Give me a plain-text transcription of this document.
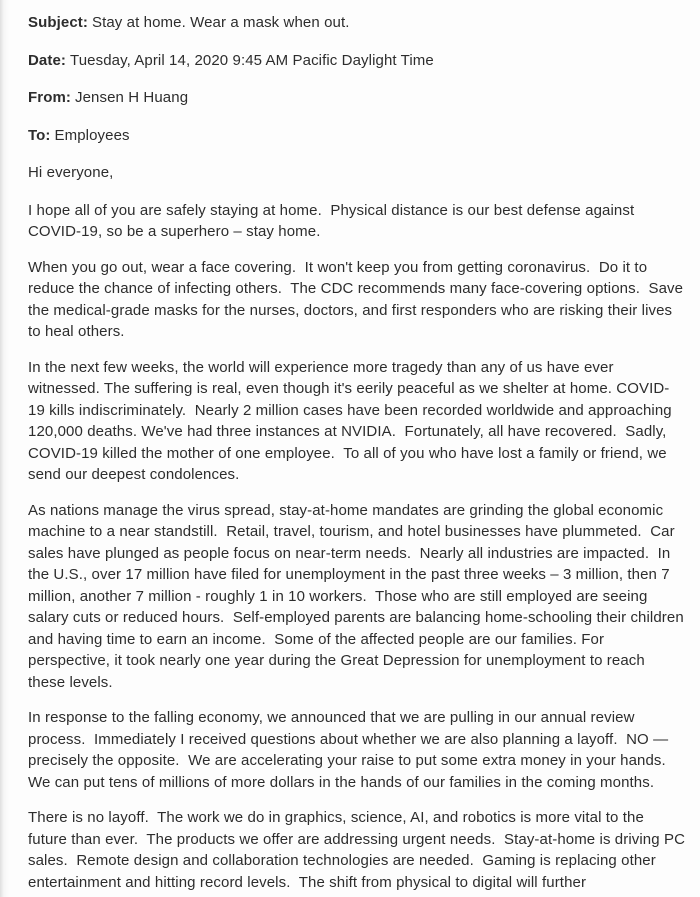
Subject: Stay at home. Wear a mask when out.

Date: Tuesday, April 14, 2020 9:45 AM Pacific Daylight Time

From: Jensen H Huang

To: Employees

Hi everyone,

I hope all of you are safely staying at home.  Physical distance is our best defense against COVID-19, so be a superhero – stay home.

When you go out, wear a face covering.  It won't keep you from getting coronavirus.  Do it to reduce the chance of infecting others.  The CDC recommends many face-covering options.  Save the medical-grade masks for the nurses, doctors, and first responders who are risking their lives to heal others.

In the next few weeks, the world will experience more tragedy than any of us have ever witnessed. The suffering is real, even though it's eerily peaceful as we shelter at home. COVID-19 kills indiscriminately.  Nearly 2 million cases have been recorded worldwide and approaching 120,000 deaths. We've had three instances at NVIDIA.  Fortunately, all have recovered.  Sadly, COVID-19 killed the mother of one employee.  To all of you who have lost a family or friend, we send our deepest condolences.

As nations manage the virus spread, stay-at-home mandates are grinding the global economic machine to a near standstill.  Retail, travel, tourism, and hotel businesses have plummeted.  Car sales have plunged as people focus on near-term needs.  Nearly all industries are impacted.  In the U.S., over 17 million have filed for unemployment in the past three weeks – 3 million, then 7 million, another 7 million - roughly 1 in 10 workers.  Those who are still employed are seeing salary cuts or reduced hours.  Self-employed parents are balancing home-schooling their children and having time to earn an income.  Some of the affected people are our families. For perspective, it took nearly one year during the Great Depression for unemployment to reach these levels.

In response to the falling economy, we announced that we are pulling in our annual review process.  Immediately I received questions about whether we are also planning a layoff.  NO — precisely the opposite.  We are accelerating your raise to put some extra money in your hands. We can put tens of millions of more dollars in the hands of our families in the coming months.

There is no layoff.  The work we do in graphics, science, AI, and robotics is more vital to the future than ever.  The products we offer are addressing urgent needs.  Stay-at-home is driving PC sales.  Remote design and collaboration technologies are needed.  Gaming is replacing other entertainment and hitting record levels.  The shift from physical to digital will further
